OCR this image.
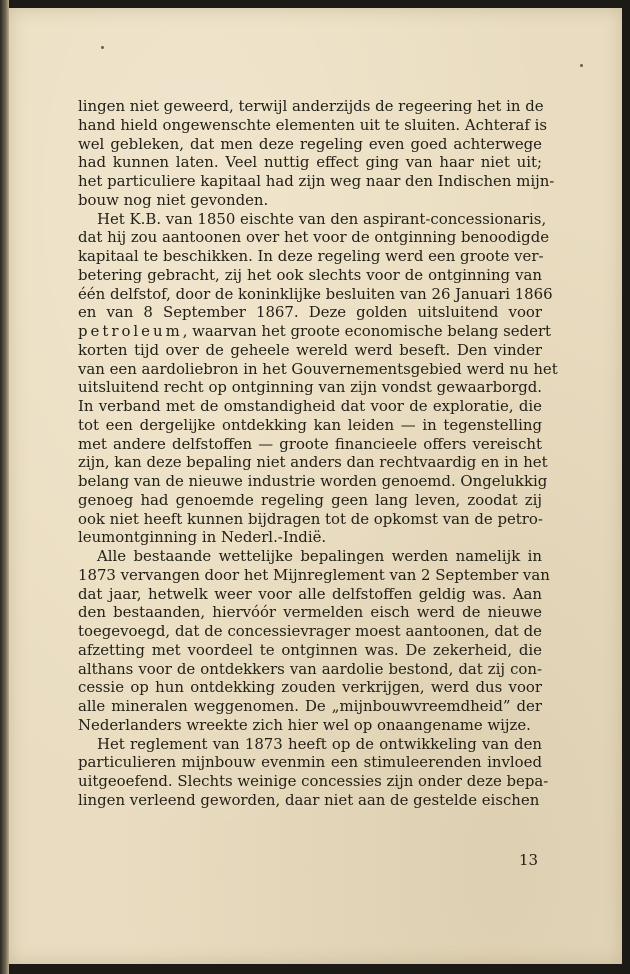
lingen niet geweerd, terwijl anderzijds de regeering het in de
hand hield ongewenschte elementen uit te sluiten. Achteraf is
wel gebleken, dat men deze regeling even goed achterwege
had kunnen laten. Veel nuttig effect ging van haar niet uit;
het particuliere kapitaal had zijn weg naar den Indischen mijn-
bouw nog niet gevonden.
Het K.B. van 1850 eischte van den aspirant-concessionaris,
dat hij zou aantoonen over het voor de ontginning benoodigde
kapitaal te beschikken. In deze regeling werd een groote ver-
betering gebracht, zij het ook slechts voor de ontginning van
één delfstof, door de koninklijke besluiten van 26 Januari 1866
en van 8 September 1867. Deze golden uitsluitend voor
petroleum, waarvan het groote economische belang sedert
korten tijd over de geheele wereld werd beseft. Den vinder
van een aardoliebron in het Gouvernementsgebied werd nu het
uitsluitend recht op ontginning van zijn vondst gewaarborgd.
In verband met de omstandigheid dat voor de exploratie, die
tot een dergelijke ontdekking kan leiden — in tegenstelling
met andere delfstoffen — groote financieele offers vereischt
zijn, kan deze bepaling niet anders dan rechtvaardig en in het
belang van de nieuwe industrie worden genoemd. Ongelukkig
genoeg had genoemde regeling geen lang leven, zoodat zij
ook niet heeft kunnen bijdragen tot de opkomst van de petro-
leumontginning in Nederl.-Indië.
Alle bestaande wettelijke bepalingen werden namelijk in
1873 vervangen door het Mijnreglement van 2 September van
dat jaar, hetwelk weer voor alle delfstoffen geldig was. Aan
den bestaanden, hiervóór vermelden eisch werd de nieuwe
toegevoegd, dat de concessievrager moest aantoonen, dat de
afzetting met voordeel te ontginnen was. De zekerheid, die
althans voor de ontdekkers van aardolie bestond, dat zij con-
cessie op hun ontdekking zouden verkrijgen, werd dus voor
alle mineralen weggenomen. De „mijnbouwvreemdheid” der
Nederlanders wreekte zich hier wel op onaangename wijze.
Het reglement van 1873 heeft op de ontwikkeling van den
particulieren mijnbouw evenmin een stimuleerenden invloed
uitgeoefend. Slechts weinige concessies zijn onder deze bepa-
lingen verleend geworden, daar niet aan de gestelde eischen
13
